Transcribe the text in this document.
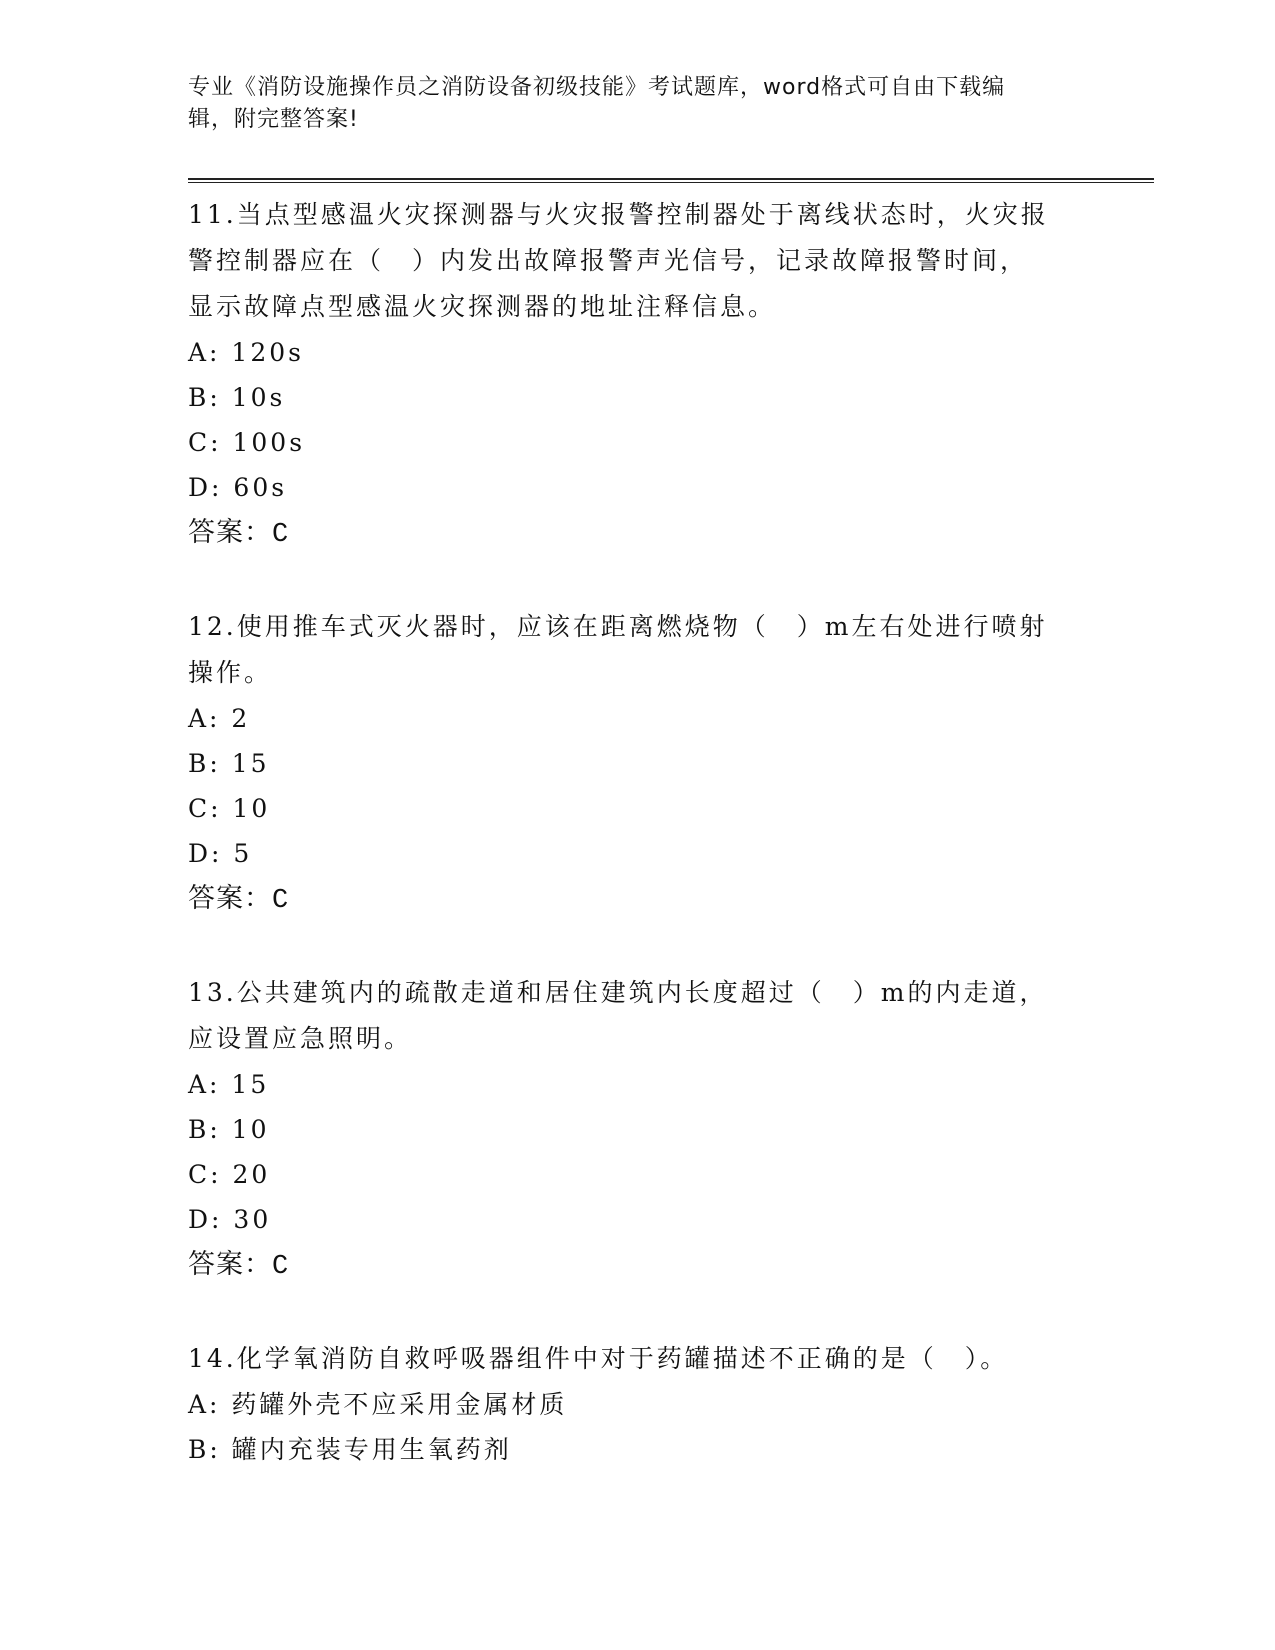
专业《消防设施操作员之消防设备初级技能》考试题库，word格式可自由下载编
辑，附完整答案!
11.当点型感温火灾探测器与火灾报警控制器处于离线状态时，火灾报
警控制器应在（　）内发出故障报警声光信号，记录故障报警时间，
显示故障点型感温火灾探测器的地址注释信息。
A: 120s
B: 10s
C: 100s
D: 60s
答案：C
12.使用推车式灭火器时，应该在距离燃烧物（　）m左右处进行喷射
操作。
A: 2
B: 15
C: 10
D: 5
答案：C
13.公共建筑内的疏散走道和居住建筑内长度超过（　）m的内走道，
应设置应急照明。
A: 15
B: 10
C: 20
D: 30
答案：C
14.化学氧消防自救呼吸器组件中对于药罐描述不正确的是（　）。
A: 药罐外壳不应采用金属材质
B: 罐内充装专用生氧药剂
